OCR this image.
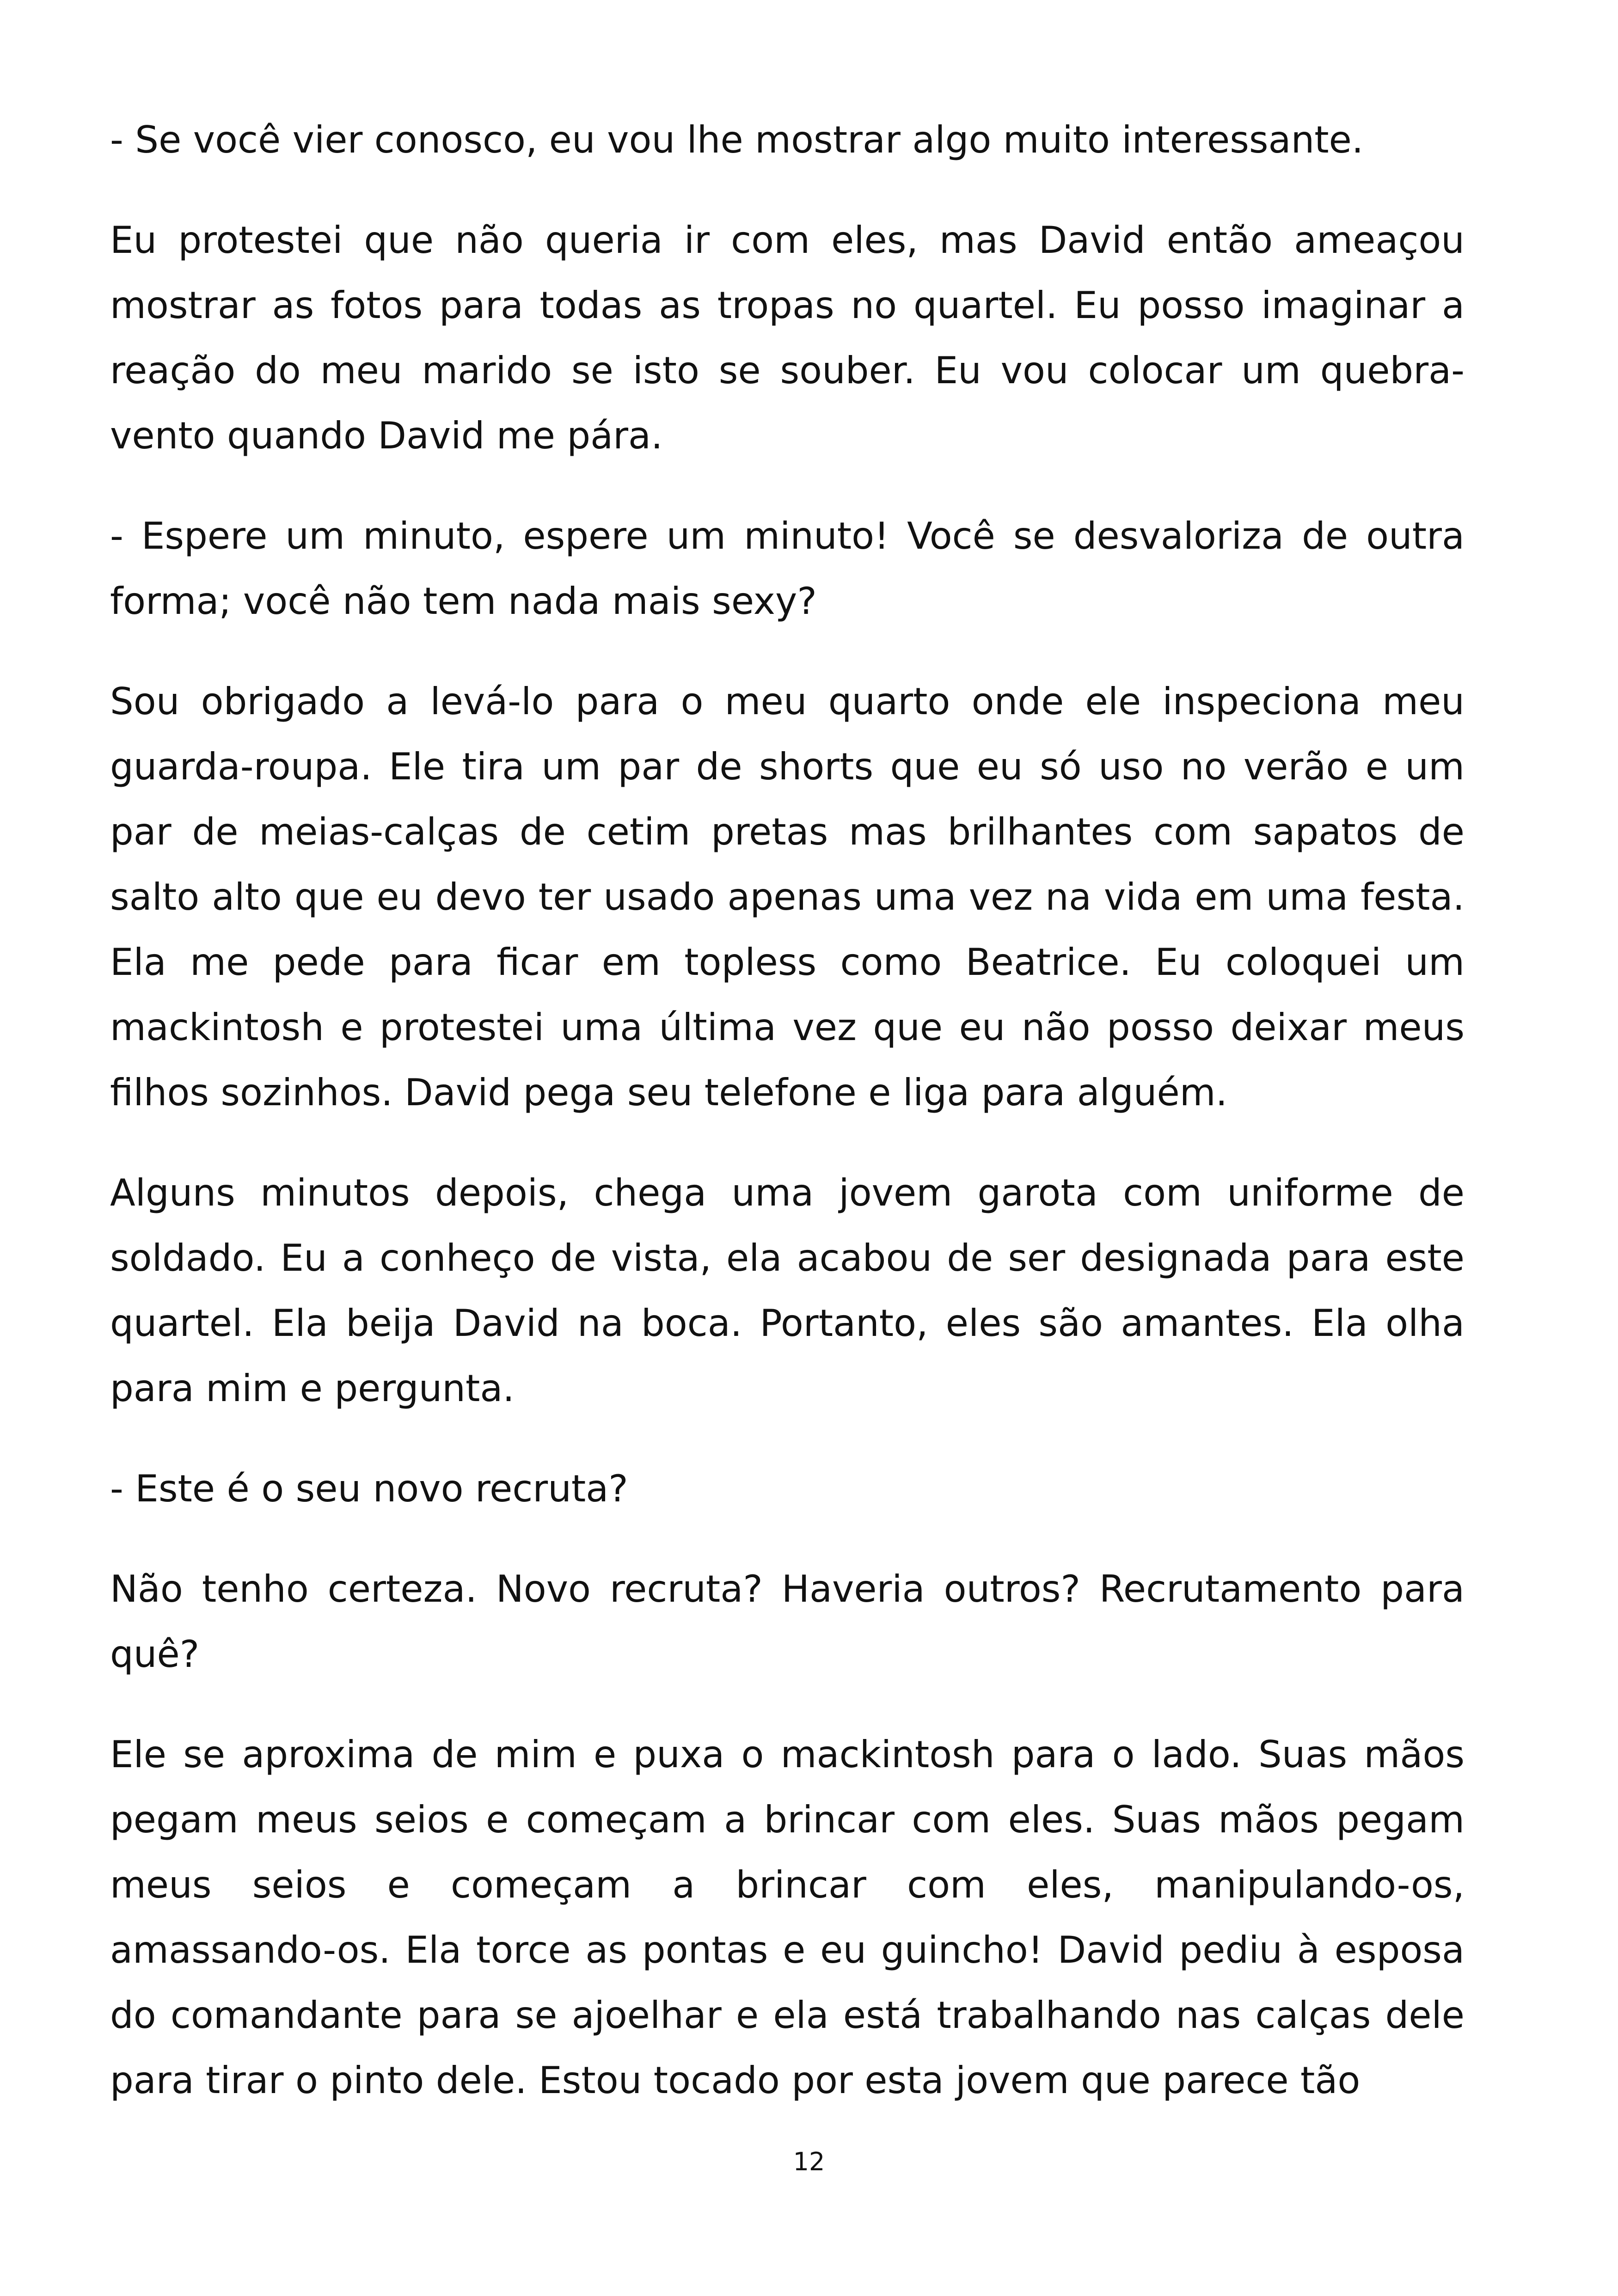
- Se você vier conosco, eu vou lhe mostrar algo muito interessante.

Eu protestei que não queria ir com eles, mas David então ameaçou mostrar as fotos para todas as tropas no quartel. Eu posso imaginar a reação do meu marido se isto se souber. Eu vou colocar um quebra-vento quando David me pára.

- Espere um minuto, espere um minuto! Você se desvaloriza de outra forma; você não tem nada mais sexy?

Sou obrigado a levá-lo para o meu quarto onde ele inspeciona meu guarda-roupa. Ele tira um par de shorts que eu só uso no verão e um par de meias-calças de cetim pretas mas brilhantes com sapatos de salto alto que eu devo ter usado apenas uma vez na vida em uma festa. Ela me pede para ficar em topless como Beatrice. Eu coloquei um mackintosh e protestei uma última vez que eu não posso deixar meus filhos sozinhos. David pega seu telefone e liga para alguém.

Alguns minutos depois, chega uma jovem garota com uniforme de soldado. Eu a conheço de vista, ela acabou de ser designada para este quartel. Ela beija David na boca. Portanto, eles são amantes. Ela olha para mim e pergunta.

- Este é o seu novo recruta?

Não tenho certeza. Novo recruta? Haveria outros? Recrutamento para quê?

Ele se aproxima de mim e puxa o mackintosh para o lado. Suas mãos pegam meus seios e começam a brincar com eles. Suas mãos pegam meus seios e começam a brincar com eles, manipulando-os, amassando-os. Ela torce as pontas e eu guincho! David pediu à esposa do comandante para se ajoelhar e ela está trabalhando nas calças dele para tirar o pinto dele. Estou tocado por esta jovem que parece tão

12
